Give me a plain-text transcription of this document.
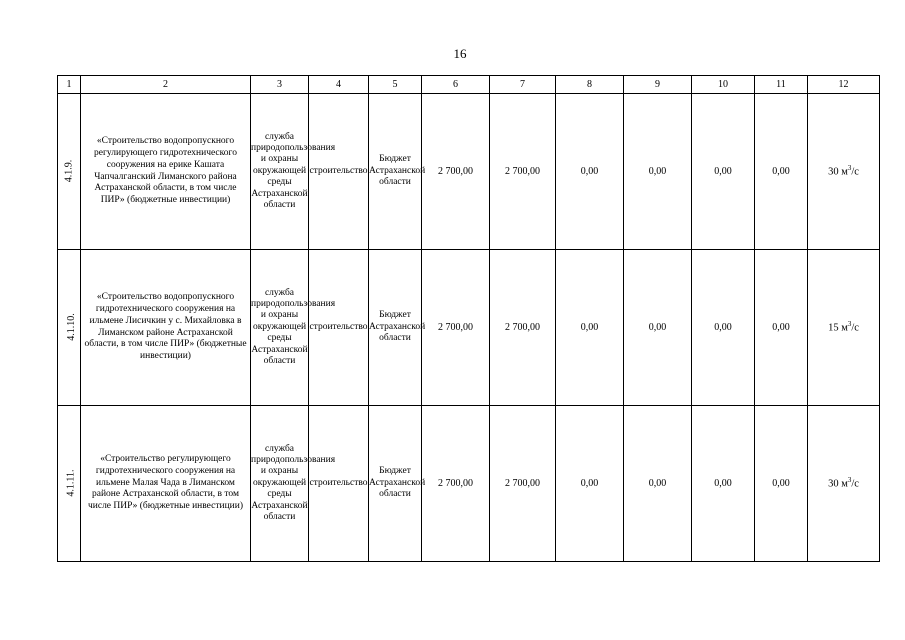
16
1	2	3	4	5	6	7	8	9	10	11	12
4.1.9.	«Строительство водопропускного регулирующего гидротехнического сооружения на ерике Кашата Чапчалганский Лиманского района Астраханской области, в том числе ПИР» (бюджетные инвестиции)	служба природопользования и охраны окружающей среды Астраханской области	строительство	Бюджет Астраханской области	2 700,00	2 700,00	0,00	0,00	0,00	0,00	30 $м^3/с$
4.1.10.	«Строительство водопропускного гидротехнического сооружения на ильмене Лисичкин у с. Михайловка в Лиманском районе Астраханской области, в том числе ПИР» (бюджетные инвестиции)	служба природопользования и охраны окружающей среды Астраханской области	строительство	Бюджет Астраханской области	2 700,00	2 700,00	0,00	0,00	0,00	0,00	15 $м^3/с$
4.1.11.	«Строительство регулирующего гидротехнического сооружения на ильмене Малая Чада в Лиманском районе Астраханской области, в том числе ПИР» (бюджетные инвестиции)	служба природопользования и охраны окружающей среды Астраханской области	строительство	Бюджет Астраханской области	2 700,00	2 700,00	0,00	0,00	0,00	0,00	30 $м^3/с$
